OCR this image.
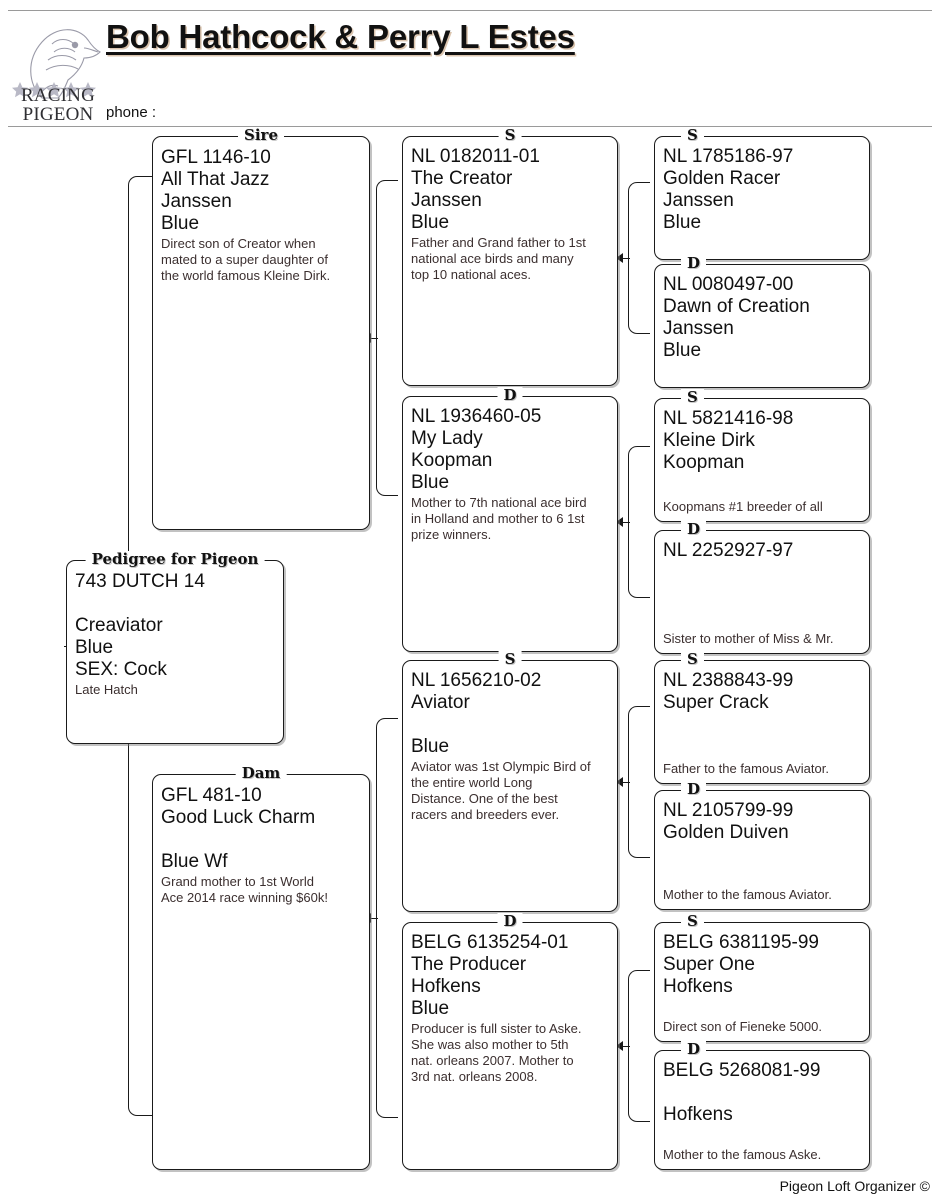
RACING
PIGEON
Bob Hathcock & Perry L Estes
phone :
Pigeon Loft Organizer ©
Pedigree for Pigeon
743 DUTCH 14

Creaviator
Blue
SEX: Cock
Late Hatch
Sire
GFL 1146-10
All That Jazz
Janssen
Blue
Direct son of Creator when
mated to a super daughter of
the world famous Kleine Dirk.
Dam
GFL 481-10
Good Luck Charm

Blue Wf
Grand mother to 1st World
Ace 2014 race winning $60k!
S
NL 0182011-01
The Creator
Janssen
Blue
Father and Grand father to 1st
national ace birds and many
top 10 national aces.
D
NL 1936460-05
My Lady
Koopman
Blue
Mother to 7th national ace bird
in Holland and mother to 6 1st
prize winners.
S
NL 1656210-02
Aviator

Blue
Aviator was 1st Olympic Bird of
the entire world Long
Distance. One of the best
racers and breeders ever.
D
BELG 6135254-01
The Producer
Hofkens
Blue
Producer is full sister to Aske.
She was also mother to 5th
nat. orleans 2007. Mother to
3rd nat. orleans 2008.
S
NL 1785186-97
Golden Racer
Janssen
Blue
D
NL 0080497-00
Dawn of Creation
Janssen
Blue
S
NL 5821416-98
Kleine Dirk
Koopman
Koopmans #1 breeder of all
D
NL 2252927-97
Sister to mother of Miss & Mr.
S
NL 2388843-99
Super Crack
Father to the famous Aviator.
D
NL 2105799-99
Golden Duiven
Mother to the famous Aviator.
S
BELG 6381195-99
Super One
Hofkens
Direct son of Fieneke 5000.
D
BELG 5268081-99

Hofkens
Mother to the famous Aske.
